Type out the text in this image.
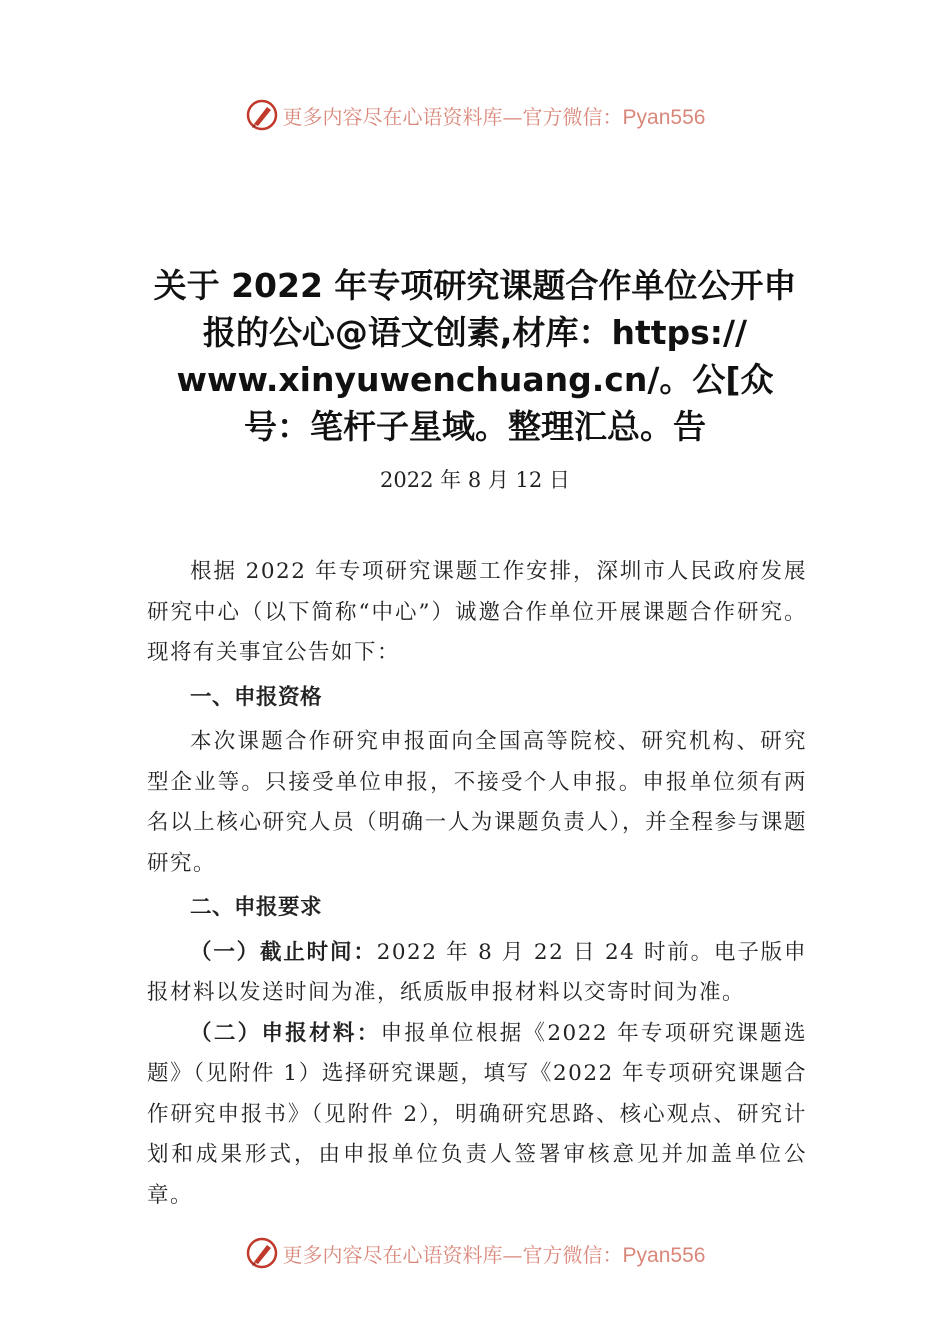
更多内容尽在心语资料库—官方微信：Pyan556
关于 2022 年专项研究课题合作单位公开申
报的公心@语文创素,材库：https://
www.xinyuwenchuang.cn/。公[众
号：笔杆子星域。整理汇总。告
2022 年 8 月 12 日

根据 2022 年专项研究课题工作安排，深圳市人民政府发展研究中心（以下简称“中心”）诚邀合作单位开展课题合作研究。现将有关事宜公告如下：

一、申报资格

本次课题合作研究申报面向全国高等院校、研究机构、研究型企业等。只接受单位申报，不接受个人申报。申报单位须有两名以上核心研究人员（明确一人为课题负责人），并全程参与课题研究。

二、申报要求

（一）截止时间：2022 年 8 月 22 日 24 时前。电子版申报材料以发送时间为准，纸质版申报材料以交寄时间为准。

（二）申报材料：申报单位根据《2022 年专项研究课题选题》（见附件 1）选择研究课题，填写《2022 年专项研究课题合作研究申报书》（见附件 2），明确研究思路、核心观点、研究计划和成果形式，由申报单位负责人签署审核意见并加盖单位公章。

更多内容尽在心语资料库—官方微信：Pyan556
